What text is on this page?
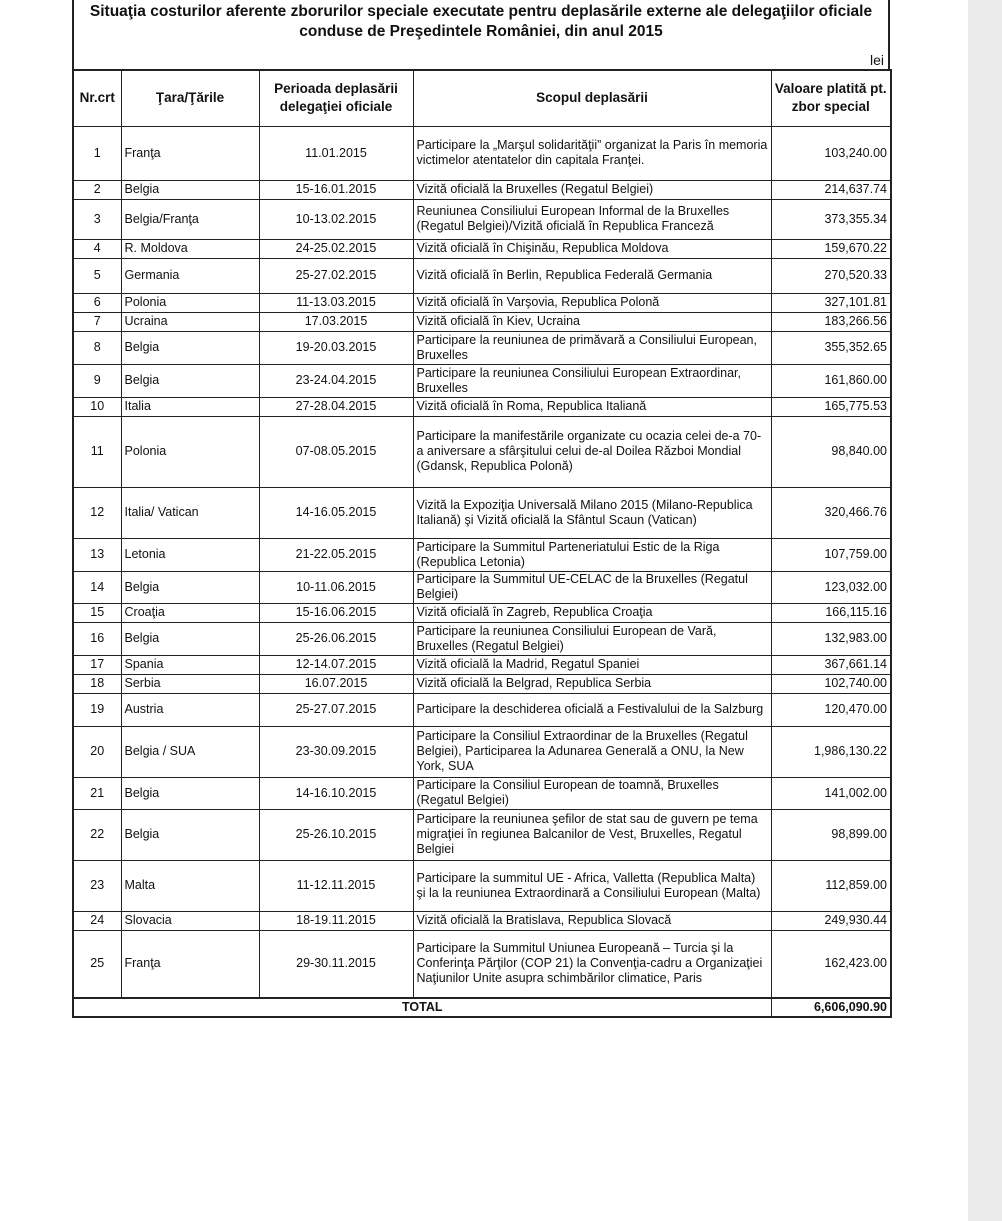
Situaţia costurilor aferente zborurilor speciale executate pentru deplasările externe ale delegaţiilor oficiale conduse de Preşedintele României, din anul 2015

lei
Nr.crt	Ţara/Ţările	Perioada deplasării delegaţiei oficiale	Scopul deplasării	Valoare platită pt. zbor special
1	Franţa	11.01.2015	Participare la „Marşul solidarităţii” organizat la Paris în memoria victimelor atentatelor din capitala Franţei.	103,240.00
2	Belgia	15-16.01.2015	Vizită oficială la Bruxelles (Regatul Belgiei)	214,637.74
3	Belgia/Franţa	10-13.02.2015	Reuniunea Consiliului European Informal de la Bruxelles (Regatul Belgiei)/Vizită oficială în Republica Franceză	373,355.34
4	R. Moldova	24-25.02.2015	Vizită oficială în Chişinău, Republica Moldova	159,670.22
5	Germania	25-27.02.2015	Vizită oficială în Berlin, Republica Federală Germania	270,520.33
6	Polonia	11-13.03.2015	Vizită oficială în Varşovia, Republica Polonă	327,101.81
7	Ucraina	17.03.2015	Vizită oficială în Kiev, Ucraina	183,266.56
8	Belgia	19-20.03.2015	Participare la reuniunea de primăvară a Consiliului European, Bruxelles	355,352.65
9	Belgia	23-24.04.2015	Participare la reuniunea Consiliului European Extraordinar, Bruxelles	161,860.00
10	Italia	27-28.04.2015	Vizită oficială în Roma, Republica Italiană	165,775.53
11	Polonia	07-08.05.2015	Participare la manifestările organizate cu ocazia celei de-a 70-a aniversare a sfârşitului celui de-al Doilea Război Mondial (Gdansk, Republica Polonă)	98,840.00
12	Italia/ Vatican	14-16.05.2015	Vizită la Expoziţia Universală Milano 2015 (Milano-Republica Italiană) şi Vizită oficială la Sfântul Scaun (Vatican)	320,466.76
13	Letonia	21-22.05.2015	Participare la Summitul Parteneriatului Estic de la Riga (Republica Letonia)	107,759.00
14	Belgia	10-11.06.2015	Participare la Summitul UE-CELAC de la Bruxelles (Regatul Belgiei)	123,032.00
15	Croaţia	15-16.06.2015	Vizită oficială în Zagreb, Republica Croaţia	166,115.16
16	Belgia	25-26.06.2015	Participare la reuniunea Consiliului European de Vară, Bruxelles (Regatul Belgiei)	132,983.00
17	Spania	12-14.07.2015	Vizită oficială la Madrid, Regatul Spaniei	367,661.14
18	Serbia	16.07.2015	Vizită oficială la Belgrad, Republica Serbia	102,740.00
19	Austria	25-27.07.2015	Participare la deschiderea oficială a Festivalului de la Salzburg	120,470.00
20	Belgia / SUA	23-30.09.2015	Participare la Consiliul Extraordinar de la Bruxelles (Regatul Belgiei), Participarea la Adunarea Generală a ONU, la New York, SUA	1,986,130.22
21	Belgia	14-16.10.2015	Participare la Consiliul European de toamnă, Bruxelles (Regatul Belgiei)	141,002.00
22	Belgia	25-26.10.2015	Participare la reuniunea şefilor de stat sau de guvern pe tema migraţiei în regiunea Balcanilor de Vest, Bruxelles, Regatul Belgiei	98,899.00
23	Malta	11-12.11.2015	Participare la summitul UE - Africa, Valletta (Republica Malta) şi la la reuniunea Extraordinară a Consiliului European (Malta)	112,859.00
24	Slovacia	18-19.11.2015	Vizită oficială la Bratislava, Republica Slovacă	249,930.44
25	Franţa	29-30.11.2015	Participare la Summitul Uniunea Europeană – Turcia şi la Conferinţa Părţilor (COP 21) la Convenţia-cadru a Organizaţiei Naţiunilor Unite asupra schimbărilor climatice, Paris	162,423.00
TOTAL				6,606,090.90
